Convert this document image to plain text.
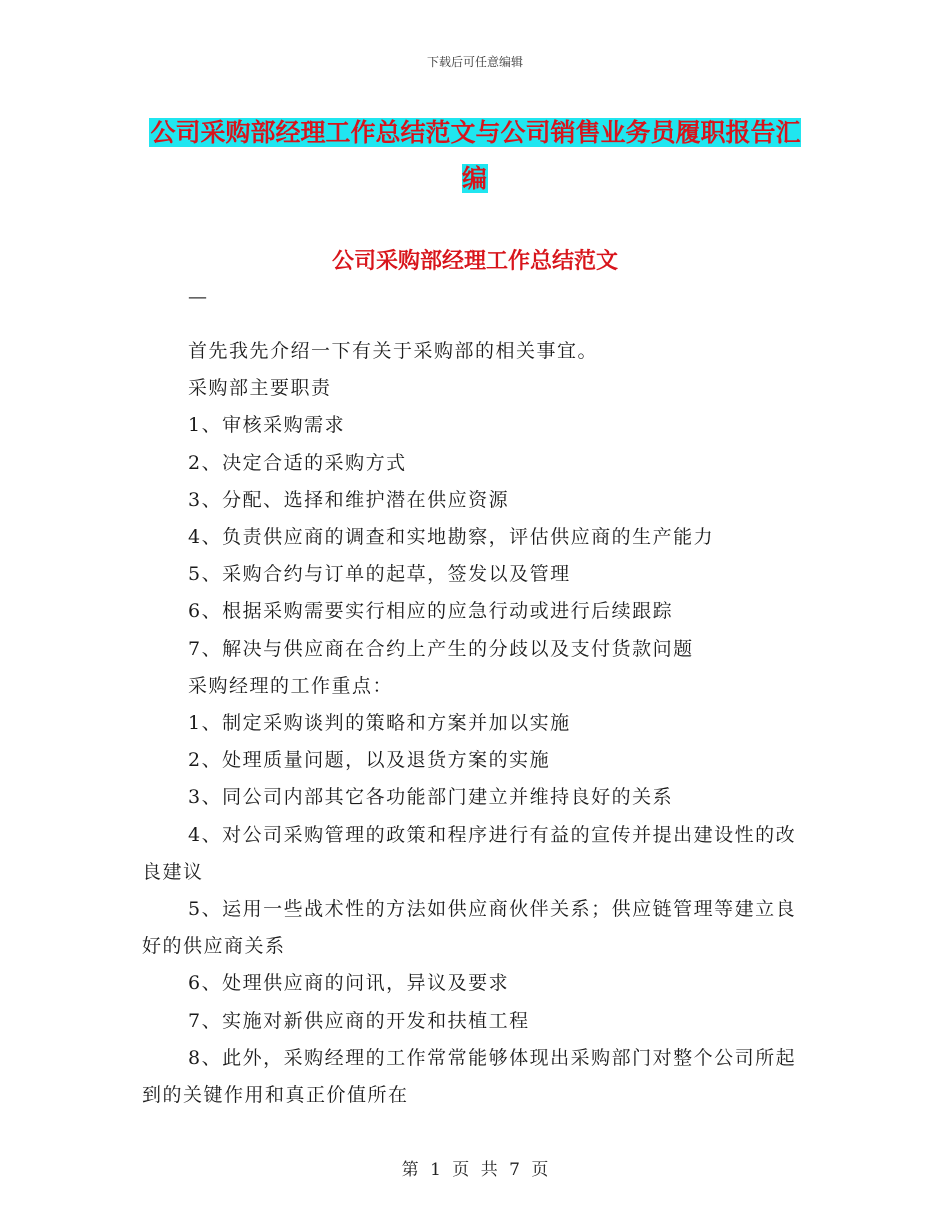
下载后可任意编辑
公司采购部经理工作总结范文与公司销售业务员履职报告汇编
公司采购部经理工作总结范文
—

首先我先介绍一下有关于采购部的相关事宜。

采购部主要职责

1、审核采购需求

2、决定合适的采购方式

3、分配、选择和维护潜在供应资源

4、负责供应商的调查和实地勘察，评估供应商的生产能力

5、采购合约与订单的起草，签发以及管理

6、根据采购需要实行相应的应急行动或进行后续跟踪

7、解决与供应商在合约上产生的分歧以及支付货款问题

采购经理的工作重点：

1、制定采购谈判的策略和方案并加以实施

2、处理质量问题，以及退货方案的实施

3、同公司内部其它各功能部门建立并维持良好的关系

4、对公司采购管理的政策和程序进行有益的宣传并提出建设性的改良建议

5、运用一些战术性的方法如供应商伙伴关系；供应链管理等建立良好的供应商关系

6、处理供应商的问讯，异议及要求

7、实施对新供应商的开发和扶植工程

8、此外，采购经理的工作常常能够体现出采购部门对整个公司所起到的关键作用和真正价值所在

第 1 页 共 7 页
